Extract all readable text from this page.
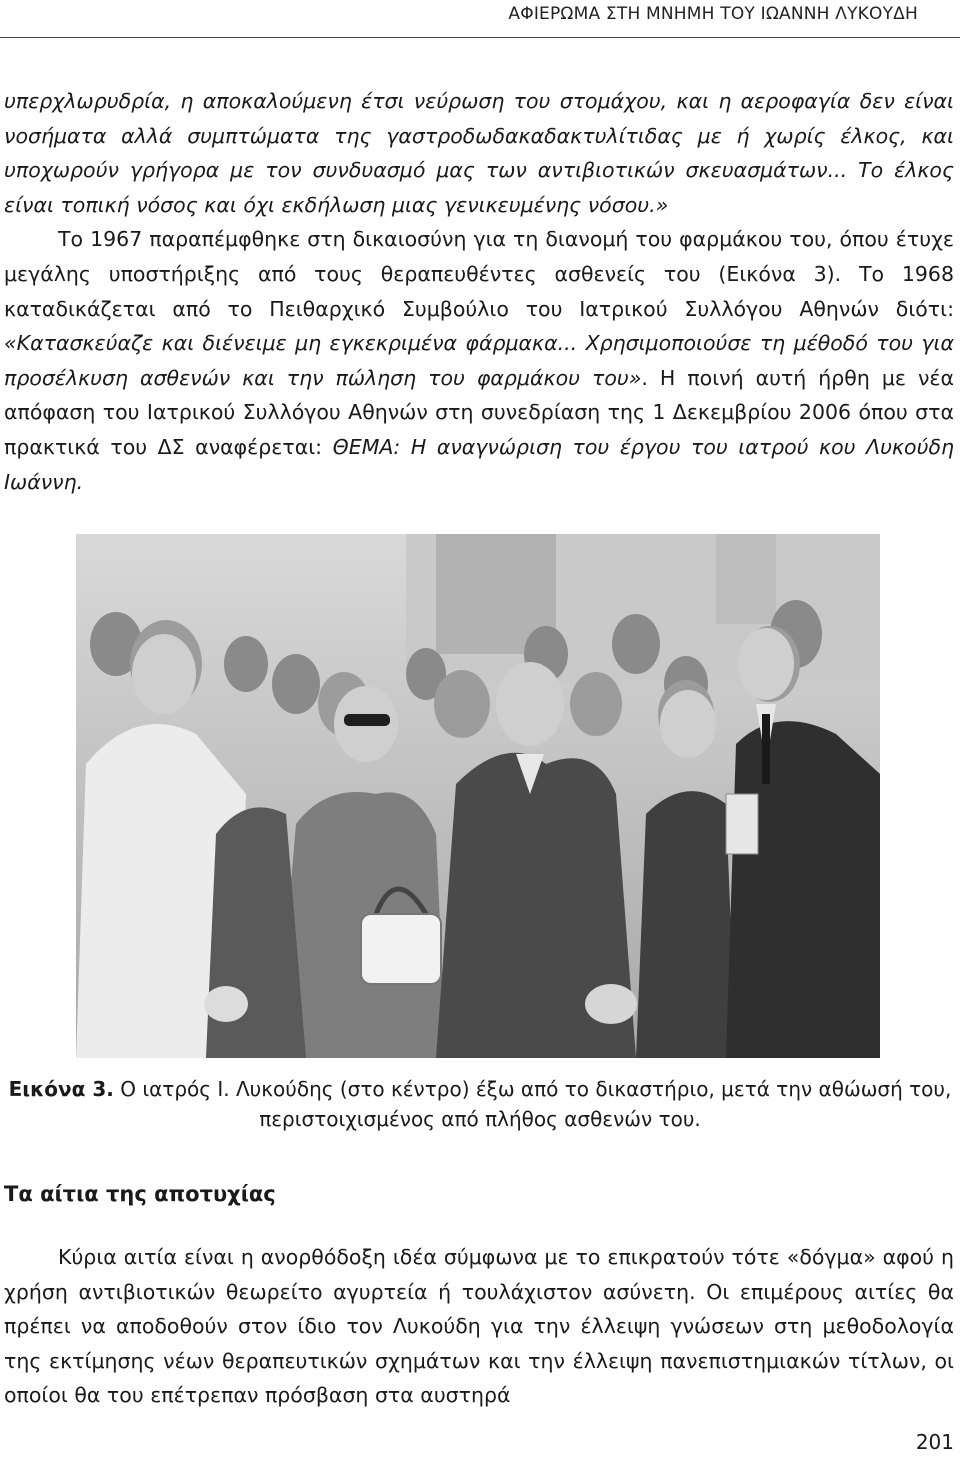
ΑΦΙΕΡΩΜΑ ΣΤΗ ΜΝΗΜΗ ΤΟΥ ΙΩΑΝΝΗ ΛΥΚΟΥΔΗ

υπερχλωρυδρία, η αποκαλούμενη έτσι νεύρωση του στομάχου, και η αεροφαγία δεν είναι νοσήματα αλλά συμπτώματα της γαστροδωδακαδακτυλίτιδας με ή χωρίς έλκος, και υποχωρούν γρήγορα με τον συνδυασμό μας των αντιβιοτικών σκευασμάτων... Το έλκος είναι τοπική νόσος και όχι εκδήλωση μιας γενικευμένης νόσου.»

Το 1967 παραπέμφθηκε στη δικαιοσύνη για τη διανομή του φαρμάκου του, όπου έτυχε μεγάλης υποστήριξης από τους θεραπευθέντες ασθενείς του (Εικόνα 3). Το 1968 καταδικάζεται από το Πειθαρχικό Συμβούλιο του Ιατρικού Συλλόγου Αθηνών διότι: «Κατασκεύαζε και διένειμε μη εγκεκριμένα φάρμακα... Χρησιμοποιούσε τη μέθοδό του για προσέλκυση ασθενών και την πώληση του φαρμάκου του». Η ποινή αυτή ήρθη με νέα απόφαση του Ιατρικού Συλλόγου Αθηνών στη συνεδρίαση της 1 Δεκεμβρίου 2006 όπου στα πρακτικά του ΔΣ αναφέρεται: ΘΕΜΑ: Η αναγνώριση του έργου του ιατρού κου Λυκούδη Ιωάννη.

Εικόνα 3. Ο ιατρός Ι. Λυκούδης (στο κέντρο) έξω από το δικαστήριο, μετά την αθώωσή του,
περιστοιχισμένος από πλήθος ασθενών του.
Τα αίτια της αποτυχίας

Κύρια αιτία είναι η ανορθόδοξη ιδέα σύμφωνα με το επικρατούν τότε «δόγμα» αφού η χρήση αντιβιοτικών θεωρείτο αγυρτεία ή τουλάχιστον ασύνετη. Οι επιμέρους αιτίες θα πρέπει να αποδοθούν στον ίδιο τον Λυκούδη για την έλλειψη γνώσεων στη μεθοδολογία της εκτίμησης νέων θεραπευτικών σχημάτων και την έλλειψη πανεπιστημιακών τίτλων, οι οποίοι θα του επέτρεπαν πρόσβαση στα αυστηρά

201
